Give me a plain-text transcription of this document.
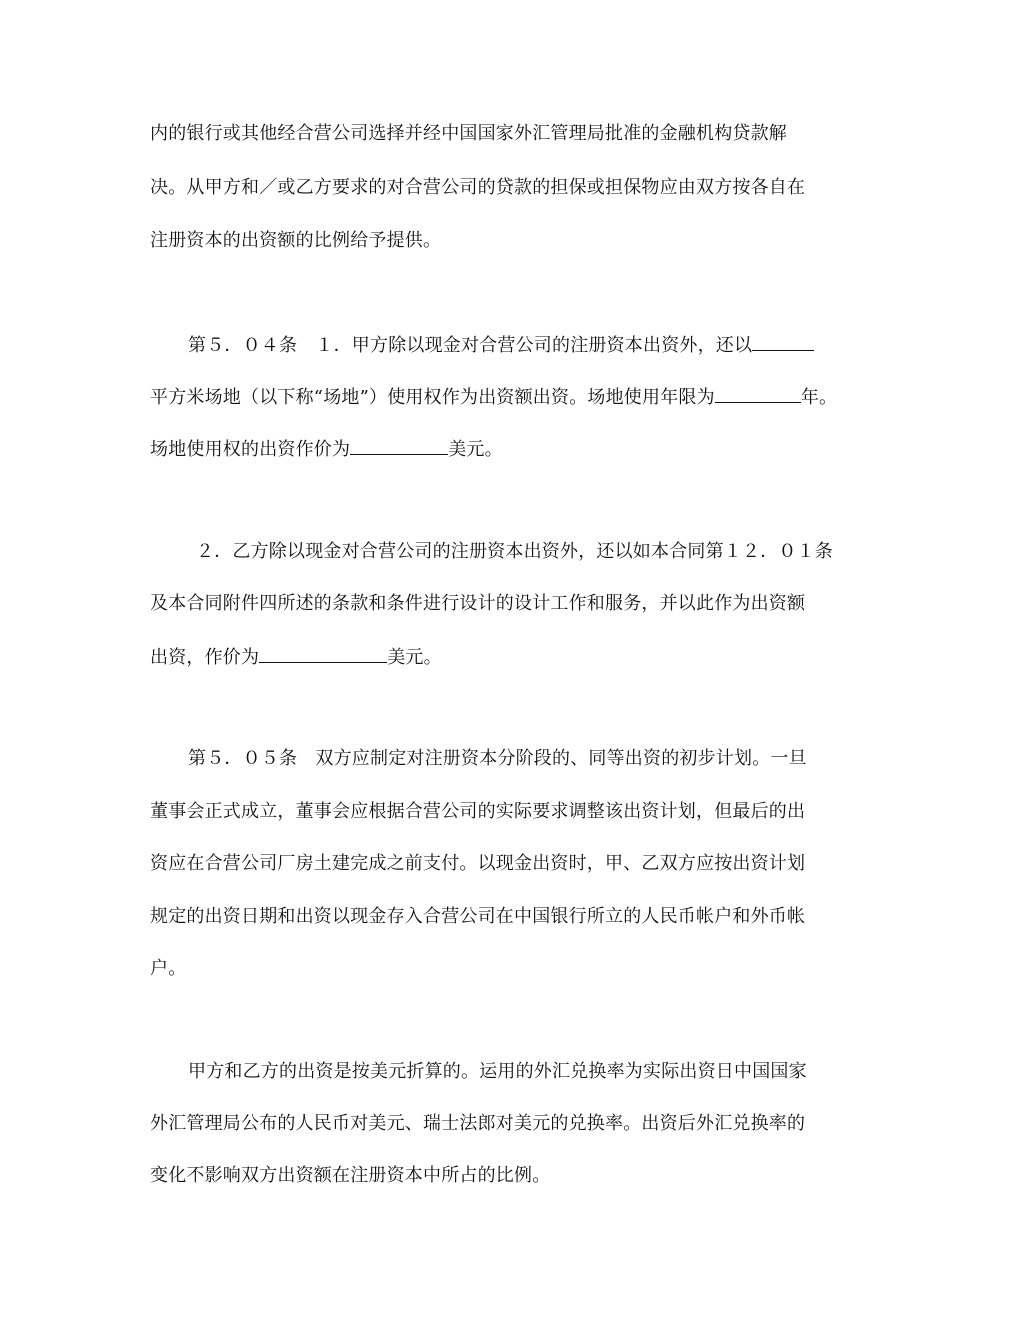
内的银行或其他经合营公司选择并经中国国家外汇管理局批准的金融机构贷款解
决。从甲方和／或乙方要求的对合营公司的贷款的担保或担保物应由双方按各自在
注册资本的出资额的比例给予提供。
第５．０４条　１．甲方除以现金对合营公司的注册资本出资外，还以
平方米场地（以下称“场地”）使用权作为出资额出资。场地使用年限为	年。
场地使用权的出资作价为	美元。
２．乙方除以现金对合营公司的注册资本出资外，还以如本合同第１２．０１条
及本合同附件四所述的条款和条件进行设计的设计工作和服务，并以此作为出资额
出资，作价为	美元。
第５．０５条　双方应制定对注册资本分阶段的、同等出资的初步计划。一旦
董事会正式成立，董事会应根据合营公司的实际要求调整该出资计划，但最后的出
资应在合营公司厂房土建完成之前支付。以现金出资时，甲、乙双方应按出资计划
规定的出资日期和出资以现金存入合营公司在中国银行所立的人民币帐户和外币帐
户。
甲方和乙方的出资是按美元折算的。运用的外汇兑换率为实际出资日中国国家
外汇管理局公布的人民币对美元、瑞士法郎对美元的兑换率。出资后外汇兑换率的
变化不影响双方出资额在注册资本中所占的比例。
